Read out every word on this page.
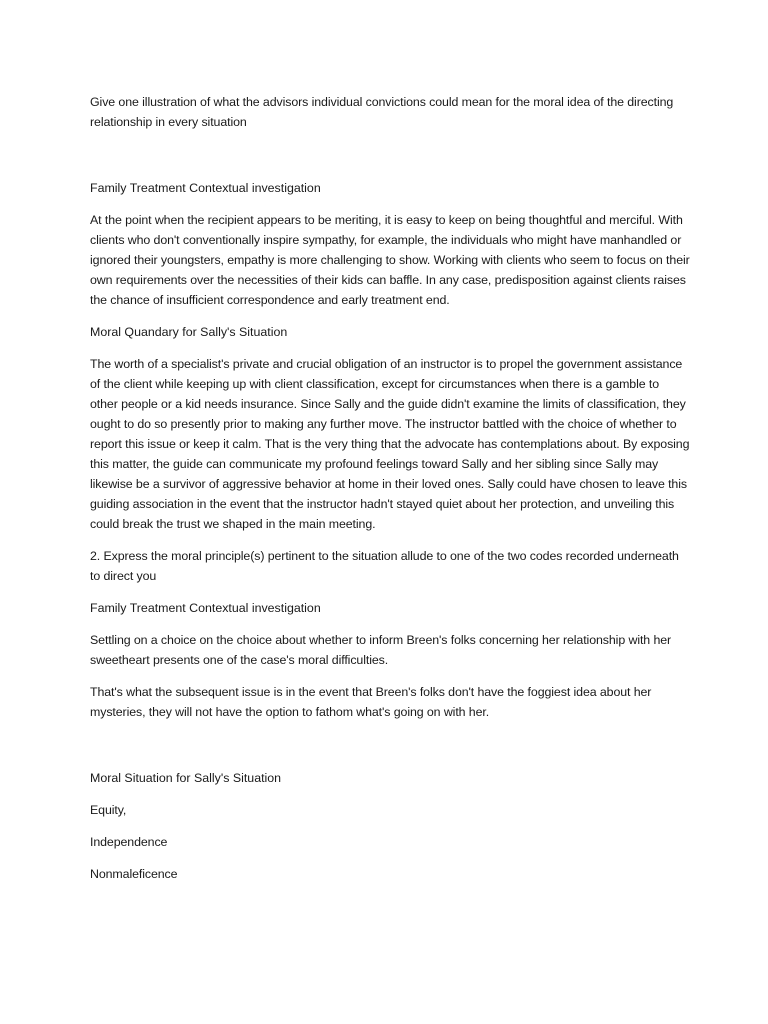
Give one illustration of what the advisors individual convictions could mean for the moral idea of the directing relationship in every situation

Family Treatment Contextual investigation

At the point when the recipient appears to be meriting, it is easy to keep on being thoughtful and merciful. With clients who don't conventionally inspire sympathy, for example, the individuals who might have manhandled or ignored their youngsters, empathy is more challenging to show. Working with clients who seem to focus on their own requirements over the necessities of their kids can baffle. In any case, predisposition against clients raises the chance of insufficient correspondence and early treatment end.

Moral Quandary for Sally's Situation

The worth of a specialist's private and crucial obligation of an instructor is to propel the government assistance of the client while keeping up with client classification, except for circumstances when there is a gamble to other people or a kid needs insurance. Since Sally and the guide didn't examine the limits of classification, they ought to do so presently prior to making any further move. The instructor battled with the choice of whether to report this issue or keep it calm. That is the very thing that the advocate has contemplations about. By exposing this matter, the guide can communicate my profound feelings toward Sally and her sibling since Sally may likewise be a survivor of aggressive behavior at home in their loved ones. Sally could have chosen to leave this guiding association in the event that the instructor hadn't stayed quiet about her protection, and unveiling this could break the trust we shaped in the main meeting.

2. Express the moral principle(s) pertinent to the situation allude to one of the two codes recorded underneath to direct you

Family Treatment Contextual investigation

Settling on a choice on the choice about whether to inform Breen's folks concerning her relationship with her sweetheart presents one of the case's moral difficulties.

That's what the subsequent issue is in the event that Breen's folks don't have the foggiest idea about her mysteries, they will not have the option to fathom what's going on with her.

Moral Situation for Sally's Situation

Equity,

Independence

Nonmaleficence
